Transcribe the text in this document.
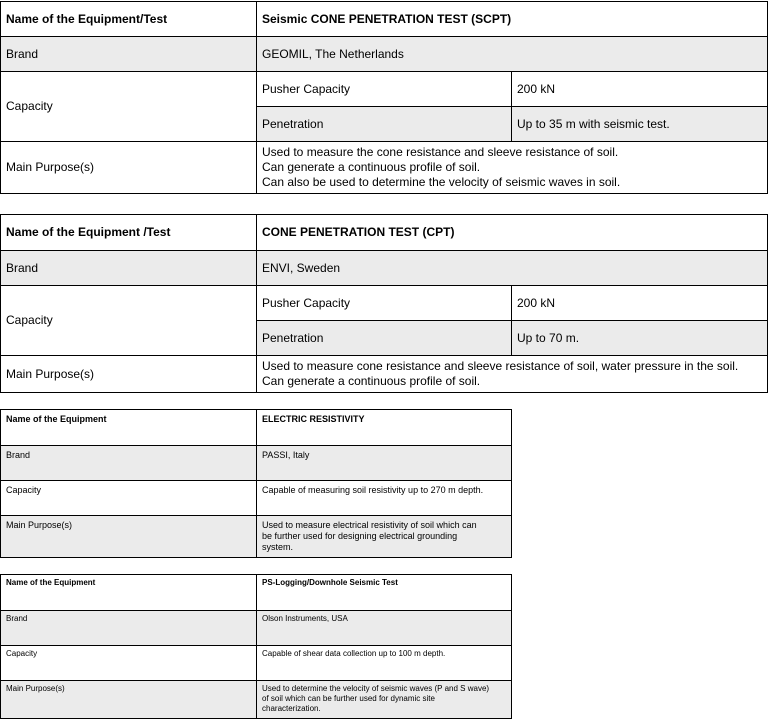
Name of the Equipment/Test	Seismic CONE PENETRATION TEST (SCPT)	
Brand	GEOMIL, The Netherlands	
Capacity	Pusher Capacity	200 kN
	Penetration	Up to 35 m with seismic test.
Main Purpose(s)	Used to measure the cone resistance and sleeve resistance of soil.
Can generate a continuous profile of soil.
Can also be used to determine the velocity of seismic waves in soil.	
Name of the Equipment /Test	CONE PENETRATION TEST (CPT)	
Brand	ENVI, Sweden	
Capacity	Pusher Capacity	200 kN
	Penetration	Up to 70 m.
Main Purpose(s)	Used to measure cone resistance and sleeve resistance of soil, water pressure in the soil.
Can generate a continuous profile of soil.	
Name of the Equipment	ELECTRIC RESISTIVITY
Brand	PASSI, Italy
Capacity	Capable of measuring soil resistivity up to 270 m depth.
Main Purpose(s)	Used to measure electrical resistivity of soil which can
be further used for designing electrical grounding
system.
Name of the Equipment	PS-Logging/Downhole Seismic Test
Brand	Olson Instruments, USA
Capacity	Capable of shear data collection up to 100 m depth.
Main Purpose(s)	Used to determine the velocity of seismic waves (P and S wave)
of soil which can be further used for dynamic site
characterization.
